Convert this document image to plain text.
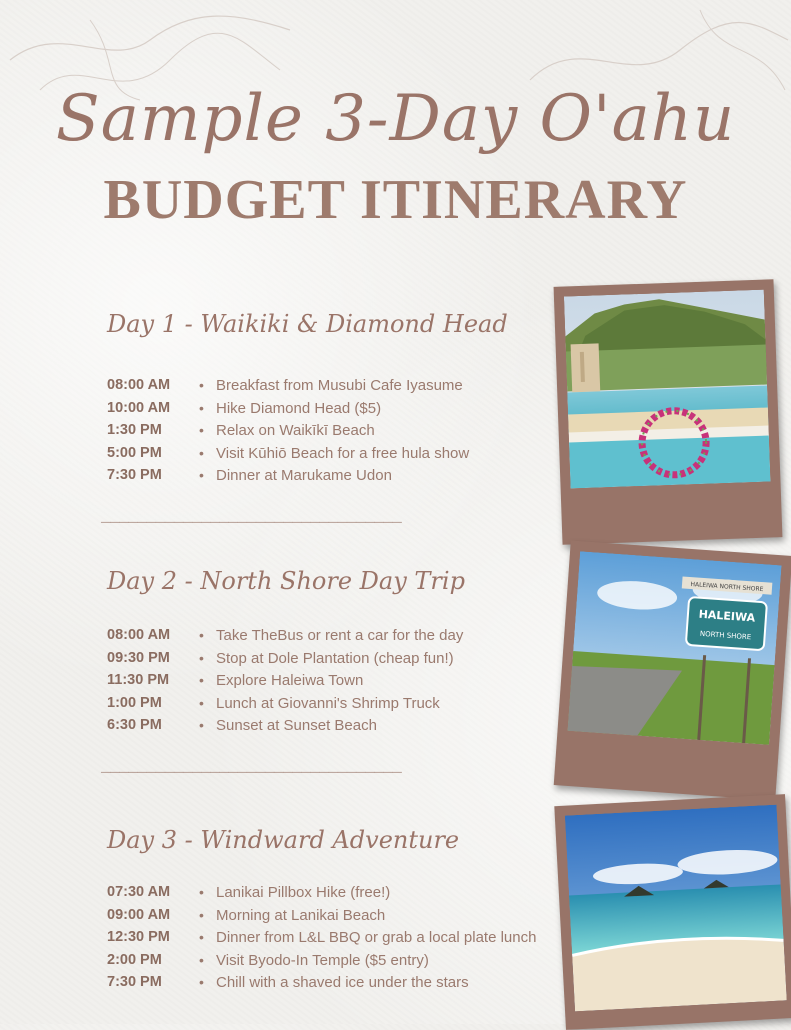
Sample 3-Day O'ahu
BUDGET ITINERARY
Day 1 - Waikiki & Diamond Head
08:00 AM	• Breakfast from Musubi Cafe Iyasume
10:00 AM	• Hike Diamond Head ($5)
1:30 PM	• Relax on Waikīkī Beach
5:00 PM	• Visit Kūhiō Beach for a free hula show
7:30 PM	• Dinner at Marukame Udon
_________________________________
Day 2 - North Shore Day Trip
08:00 AM	• Take TheBus or rent a car for the day
09:30 PM	• Stop at Dole Plantation (cheap fun!)
11:30 PM	• Explore Haleiwa Town
1:00 PM	• Lunch at Giovanni's Shrimp Truck
6:30 PM	• Sunset at Sunset Beach
_________________________________
Day 3 - Windward Adventure
07:30 AM	• Lanikai Pillbox Hike (free!)
09:00 AM	• Morning at Lanikai Beach
12:30 PM	• Dinner from L&L BBQ or grab a local plate lunch
2:00 PM	• Visit Byodo-In Temple ($5 entry)
7:30 PM	• Chill with a shaved ice under the stars
HALEIWA
NORTH SHORE
HALEIWA NORTH SHORE
